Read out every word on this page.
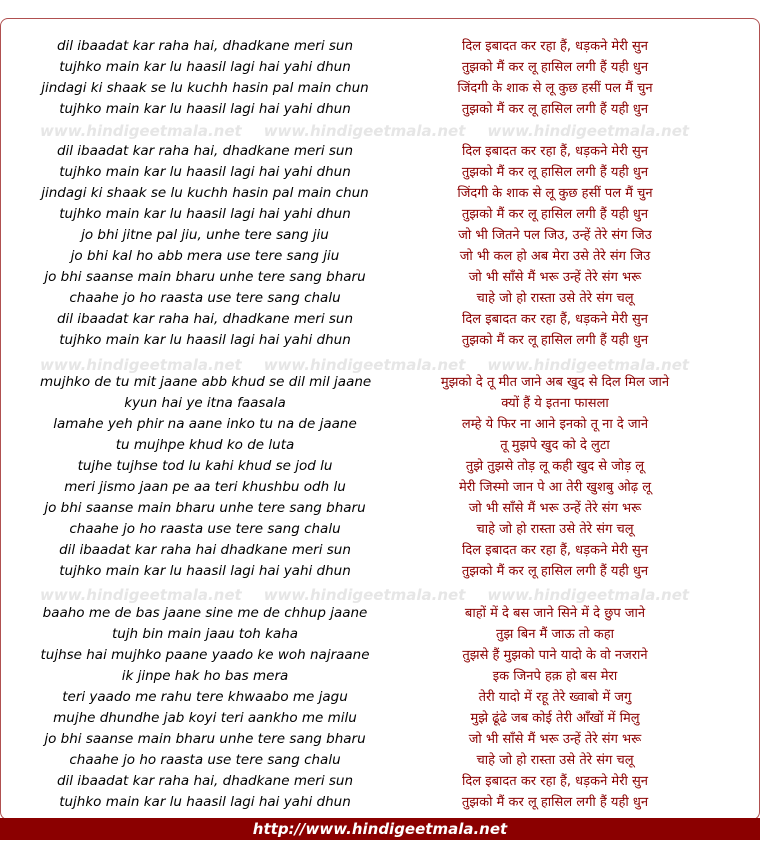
www.hindigeetmala.net www.hindigeetmala.net www.hindigeetmala.net
www.hindigeetmala.net www.hindigeetmala.net www.hindigeetmala.net
www.hindigeetmala.net www.hindigeetmala.net www.hindigeetmala.net
dil ibaadat kar raha hai, dhadkane meri sun	दिल इबादत कर रहा हैं, धड़कने मेरी सुन
tujhko main kar lu haasil lagi hai yahi dhun	तुझको मैं कर लू हासिल लगी हैं यही धुन
jindagi ki shaak se lu kuchh hasin pal main chun	जिंदगी के शाक से लू कुछ हसीं पल मैं चुन
tujhko main kar lu haasil lagi hai yahi dhun	तुझको मैं कर लू हासिल लगी हैं यही धुन
dil ibaadat kar raha hai, dhadkane meri sun	दिल इबादत कर रहा हैं, धड़कने मेरी सुन
tujhko main kar lu haasil lagi hai yahi dhun	तुझको मैं कर लू हासिल लगी हैं यही धुन
jindagi ki shaak se lu kuchh hasin pal main chun	जिंदगी के शाक से लू कुछ हसीं पल मैं चुन
tujhko main kar lu haasil lagi hai yahi dhun	तुझको मैं कर लू हासिल लगी हैं यही धुन
jo bhi jitne pal jiu, unhe tere sang jiu	जो भी जितने पल जिउ, उन्हें तेरे संग जिउ
jo bhi kal ho abb mera use tere sang jiu	जो भी कल हो अब मेरा उसे तेरे संग जिउ
jo bhi saanse main bharu unhe tere sang bharu	जो भी साँसे मैं भरू उन्हें तेरे संग भरू
chaahe jo ho raasta use tere sang chalu	चाहे जो हो रास्ता उसे तेरे संग चलू
dil ibaadat kar raha hai, dhadkane meri sun	दिल इबादत कर रहा हैं, धड़कने मेरी सुन
tujhko main kar lu haasil lagi hai yahi dhun	तुझको मैं कर लू हासिल लगी हैं यही धुन
mujhko de tu mit jaane abb khud se dil mil jaane	मुझको दे तू मीत जाने अब खुद से दिल मिल जाने
kyun hai ye itna faasala	क्यों हैं ये इतना फासला
lamahe yeh phir na aane inko tu na de jaane	लम्हे ये फिर ना आने इनको तू ना दे जाने
tu mujhpe khud ko de luta	तू मुझपे खुद को दे लुटा
tujhe tujhse tod lu kahi khud se jod lu	तुझे तुझसे तोड़ लू कही खुद से जोड़ लू
meri jismo jaan pe aa teri khushbu odh lu	मेरी जिस्मो जान पे आ तेरी खुशबु ओढ़ लू
jo bhi saanse main bharu unhe tere sang bharu	जो भी साँसे मैं भरू उन्हें तेरे संग भरू
chaahe jo ho raasta use tere sang chalu	चाहे जो हो रास्ता उसे तेरे संग चलू
dil ibaadat kar raha hai dhadkane meri sun	दिल इबादत कर रहा हैं, धड़कने मेरी सुन
tujhko main kar lu haasil lagi hai yahi dhun	तुझको मैं कर लू हासिल लगी हैं यही धुन
baaho me de bas jaane sine me de chhup jaane	बाहों में दे बस जाने सिने में दे छुप जाने
tujh bin main jaau toh kaha	तुझ बिन मैं जाऊ तो कहा
tujhse hai mujhko paane yaado ke woh najraane	तुझसे हैं मुझको पाने यादो के वो नजराने
ik jinpe hak ho bas mera	इक जिनपे हक़ हो बस मेरा
teri yaado me rahu tere khwaabo me jagu	तेरी यादो में रहू तेरे ख्वाबो में जगु
mujhe dhundhe jab koyi teri aankho me milu	मुझे ढूंढे जब कोई तेरी आँखों में मिलु
jo bhi saanse main bharu unhe tere sang bharu	जो भी साँसे मैं भरू उन्हें तेरे संग भरू
chaahe jo ho raasta use tere sang chalu	चाहे जो हो रास्ता उसे तेरे संग चलू
dil ibaadat kar raha hai, dhadkane meri sun	दिल इबादत कर रहा हैं, धड़कने मेरी सुन
tujhko main kar lu haasil lagi hai yahi dhun	तुझको मैं कर लू हासिल लगी हैं यही धुन
http://www.hindigeetmala.net
